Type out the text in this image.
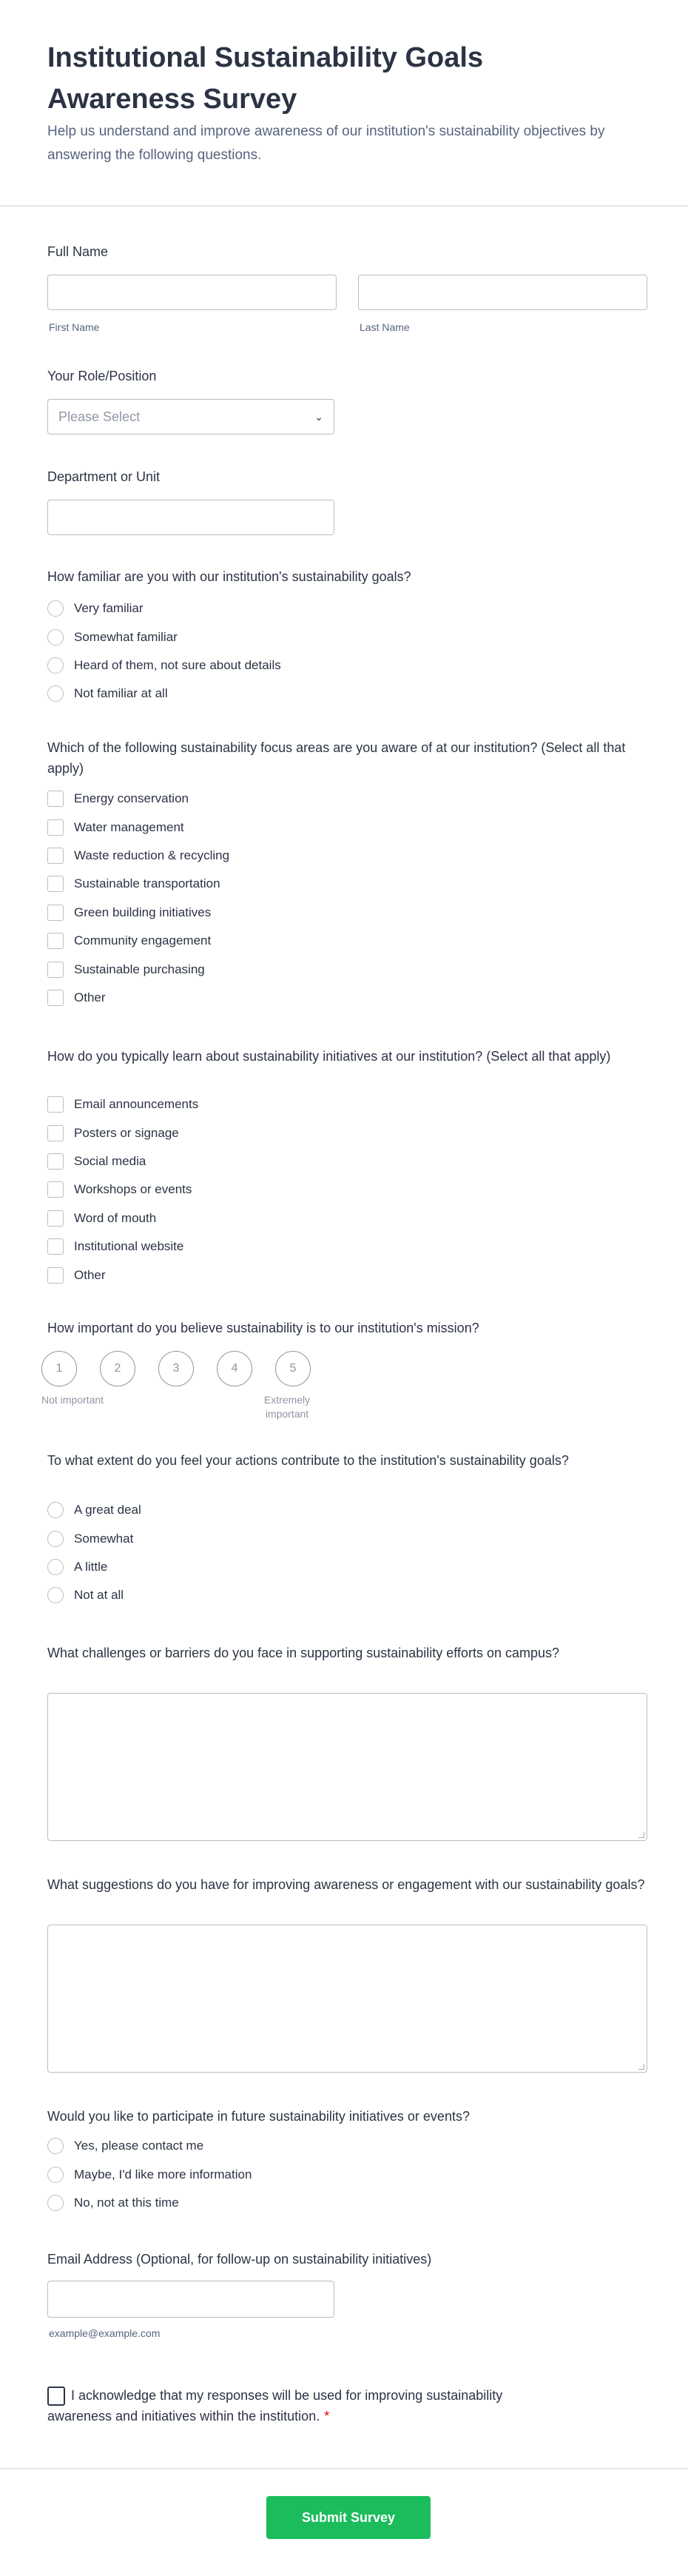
Institutional Sustainability Goals Awareness Survey
Help us understand and improve awareness of our institution's sustainability objectives by answering the following questions.
Full Name
First Name	Last Name
Your Role/Position
Please Select	⌄
Department or Unit
How familiar are you with our institution's sustainability goals?
Very familiar
Somewhat familiar
Heard of them, not sure about details
Not familiar at all
Which of the following sustainability focus areas are you aware of at our institution? (Select all that apply)
Energy conservation
Water management
Waste reduction & recycling
Sustainable transportation
Green building initiatives
Community engagement
Sustainable purchasing
Other
How do you typically learn about sustainability initiatives at our institution? (Select all that apply)
Email announcements
Posters or signage
Social media
Workshops or events
Word of mouth
Institutional website
Other
How important do you believe sustainability is to our institution's mission?
1	2	3	4	5
Not important	Extremely important
To what extent do you feel your actions contribute to the institution's sustainability goals?
A great deal
Somewhat
A little
Not at all
What challenges or barriers do you face in supporting sustainability efforts on campus?
What suggestions do you have for improving awareness or engagement with our sustainability goals?
Would you like to participate in future sustainability initiatives or events?
Yes, please contact me
Maybe, I'd like more information
No, not at this time
Email Address (Optional, for follow-up on sustainability initiatives)
example@example.com
I acknowledge that my responses will be used for improving sustainability awareness and initiatives within the institution. *
Submit Survey
